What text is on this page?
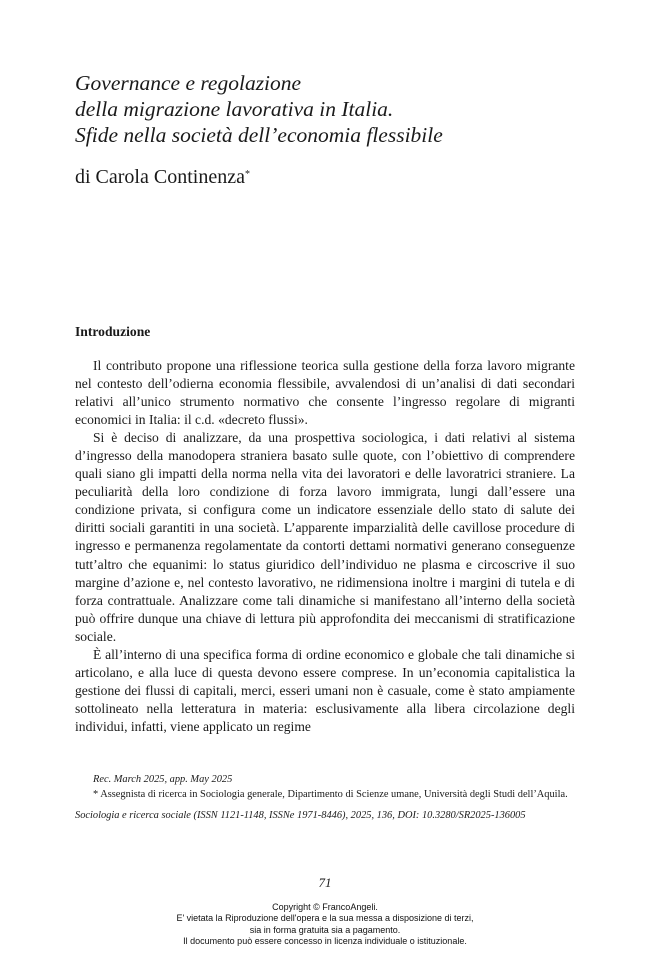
Governance e regolazione
della migrazione lavorativa in Italia.
Sfide nella società dell’economia flessibile
di Carola Continenza*
Introduzione

Il contributo propone una riflessione teorica sulla gestione della forza lavoro migrante nel contesto dell’odierna economia flessibile, avvalendosi di un’analisi di dati secondari relativi all’unico strumento normativo che consente l’ingresso regolare di migranti economici in Italia: il c.d. «decreto flussi».

Si è deciso di analizzare, da una prospettiva sociologica, i dati relativi al sistema d’ingresso della manodopera straniera basato sulle quote, con l’obiettivo di comprendere quali siano gli impatti della norma nella vita dei lavoratori e delle lavoratrici straniere. La peculiarità della loro condizione di forza lavoro immigrata, lungi dall’essere una condizione privata, si configura come un indicatore essenziale dello stato di salute dei diritti sociali garantiti in una società. L’apparente imparzialità delle cavillose procedure di ingresso e permanenza regolamentate da contorti dettami normativi generano conseguenze tutt’altro che equanimi: lo status giuridico dell’individuo ne plasma e circoscrive il suo margine d’azione e, nel contesto lavorativo, ne ridimensiona inoltre i margini di tutela e di forza contrattuale. Analizzare come tali dinamiche si manifestano all’interno della società può offrire dunque una chiave di lettura più approfondita dei meccanismi di stratificazione sociale.

È all’interno di una specifica forma di ordine economico e globale che tali dinamiche si articolano, e alla luce di questa devono essere comprese. In un’economia capitalistica la gestione dei flussi di capitali, merci, esseri umani non è casuale, come è stato ampiamente sottolineato nella letteratura in materia: esclusivamente alla libera circolazione degli individui, infatti, viene applicato un regime

Rec. March 2025, app. May 2025
* Assegnista di ricerca in Sociologia generale, Dipartimento di Scienze umane, Università degli Studi dell’Aquila.
Sociologia e ricerca sociale (ISSN 1121-1148, ISSNe 1971-8446), 2025, 136, DOI: 10.3280/SR2025-136005
71
Copyright © FrancoAngeli.
E' vietata la Riproduzione dell'opera e la sua messa a disposizione di terzi,
sia in forma gratuita sia a pagamento.
Il documento può essere concesso in licenza individuale o istituzionale.
